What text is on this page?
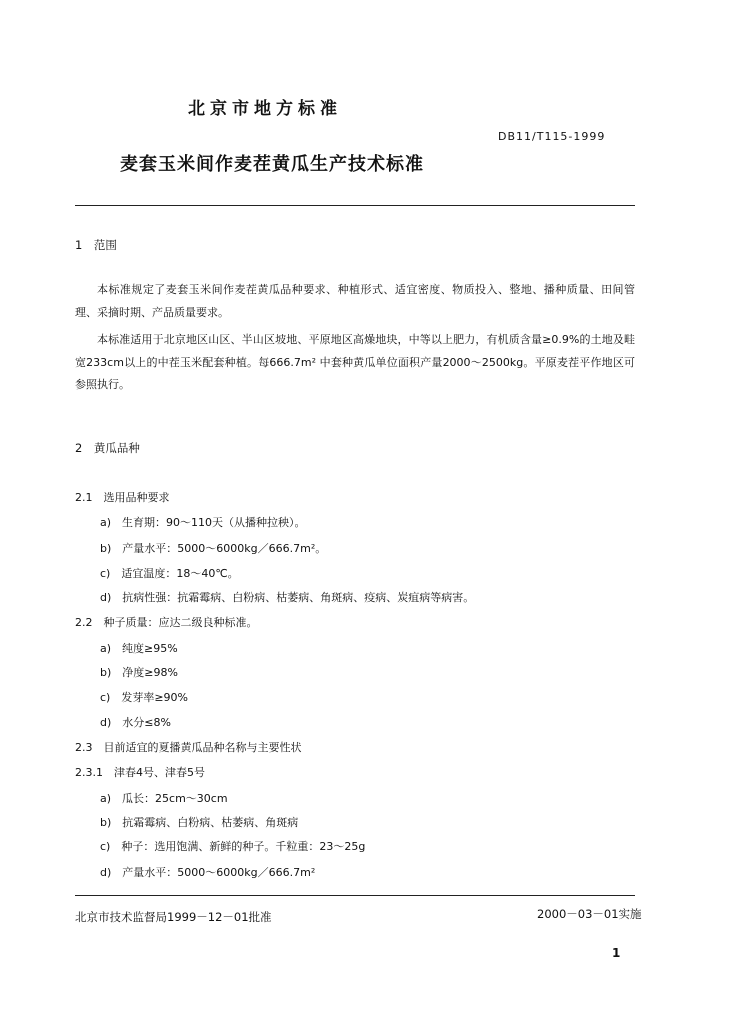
北京市地方标准
DB11/T115-1999
麦套玉米间作麦茬黄瓜生产技术标准
1　范围
本标准规定了麦套玉米间作麦茬黄瓜品种要求、种植形式、适宜密度、物质投入、整地、播种质量、田间管理、采摘时期、产品质量要求。
本标准适用于北京地区山区、半山区坡地、平原地区高燥地块，中等以上肥力，有机质含量≥0.9%的土地及畦宽233cm以上的中茬玉米配套种植。每666.7m² 中套种黄瓜单位面积产量2000～2500kg。平原麦茬平作地区可参照执行。
2　黄瓜品种
2.1　选用品种要求
a)　生育期：90～110天（从播种拉秧）。
b)　产量水平：5000～6000kg／666.7m²。
c)　适宜温度：18～40℃。
d)　抗病性强：抗霜霉病、白粉病、枯萎病、角斑病、疫病、炭疽病等病害。
2.2　种子质量：应达二级良种标准。
a)　纯度≥95%
b)　净度≥98%
c)　发芽率≥90%
d)　水分≤8%
2.3　目前适宜的夏播黄瓜品种名称与主要性状
2.3.1　津春4号、津春5号
a)　瓜长：25cm～30cm
b)　抗霜霉病、白粉病、枯萎病、角斑病
c)　种子：选用饱满、新鲜的种子。千粒重：23～25g
d)　产量水平：5000～6000kg／666.7m²
北京市技术监督局1999－12－01批准	2000－03－01实施
1
